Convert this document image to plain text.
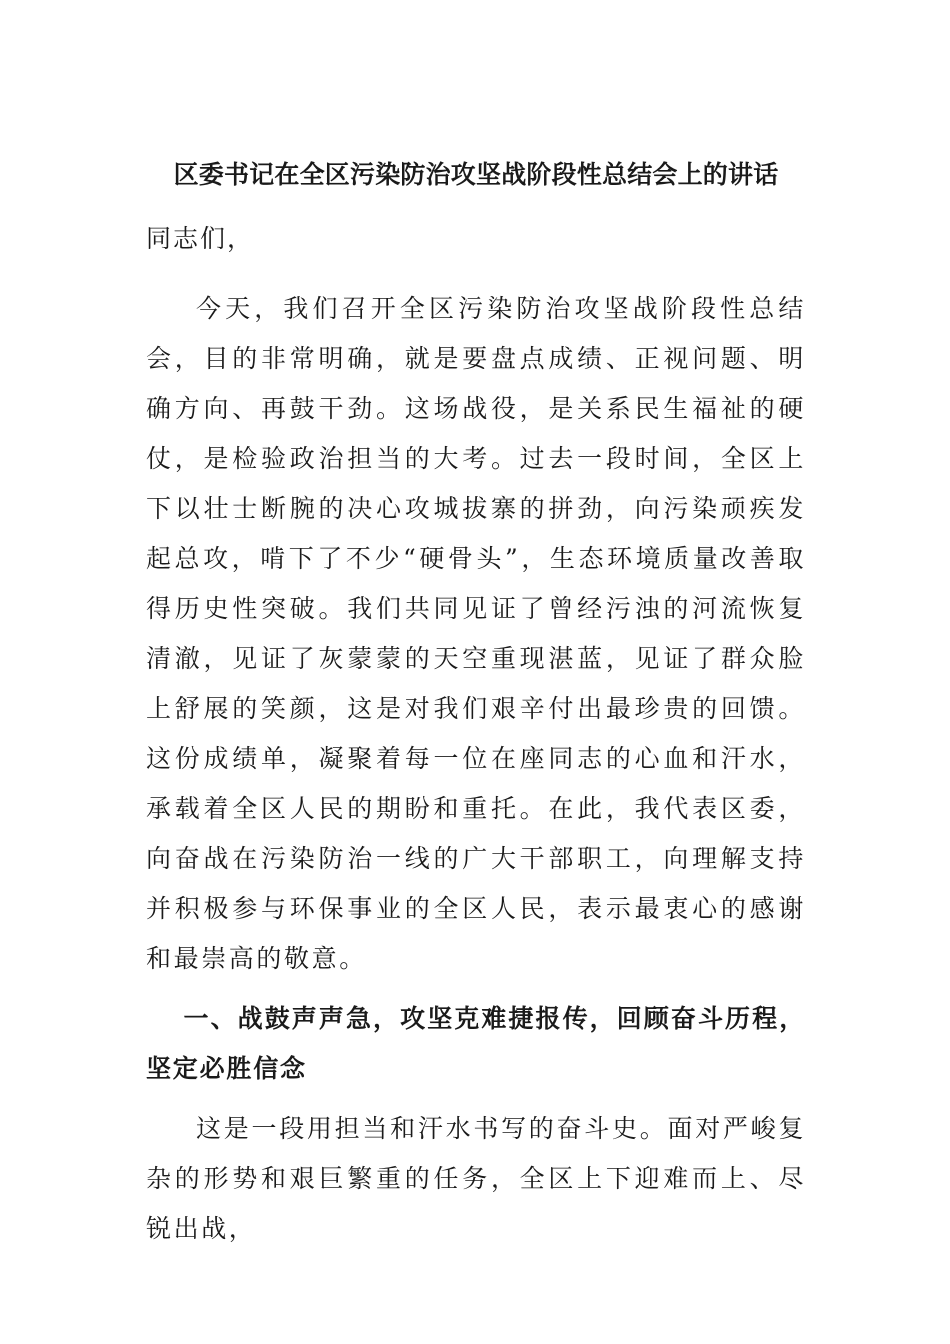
区委书记在全区污染防治攻坚战阶段性总结会上的讲话

同志们，

今天，我们召开全区污染防治攻坚战阶段性总结会，目的非常明确，就是要盘点成绩、正视问题、明确方向、再鼓干劲。这场战役，是关系民生福祉的硬仗，是检验政治担当的大考。过去一段时间，全区上下以壮士断腕的决心攻城拔寨的拼劲，向污染顽疾发起总攻，啃下了不少“硬骨头”，生态环境质量改善取得历史性突破。我们共同见证了曾经污浊的河流恢复清澈，见证了灰蒙蒙的天空重现湛蓝，见证了群众脸上舒展的笑颜，这是对我们艰辛付出最珍贵的回馈。这份成绩单，凝聚着每一位在座同志的心血和汗水，承载着全区人民的期盼和重托。在此，我代表区委，向奋战在污染防治一线的广大干部职工，向理解支持并积极参与环保事业的全区人民，表示最衷心的感谢和最崇高的敬意。

一、战鼓声声急，攻坚克难捷报传，回顾奋斗历程，坚定必胜信念

这是一段用担当和汗水书写的奋斗史。面对严峻复杂的形势和艰巨繁重的任务，全区上下迎难而上、尽锐出战，
